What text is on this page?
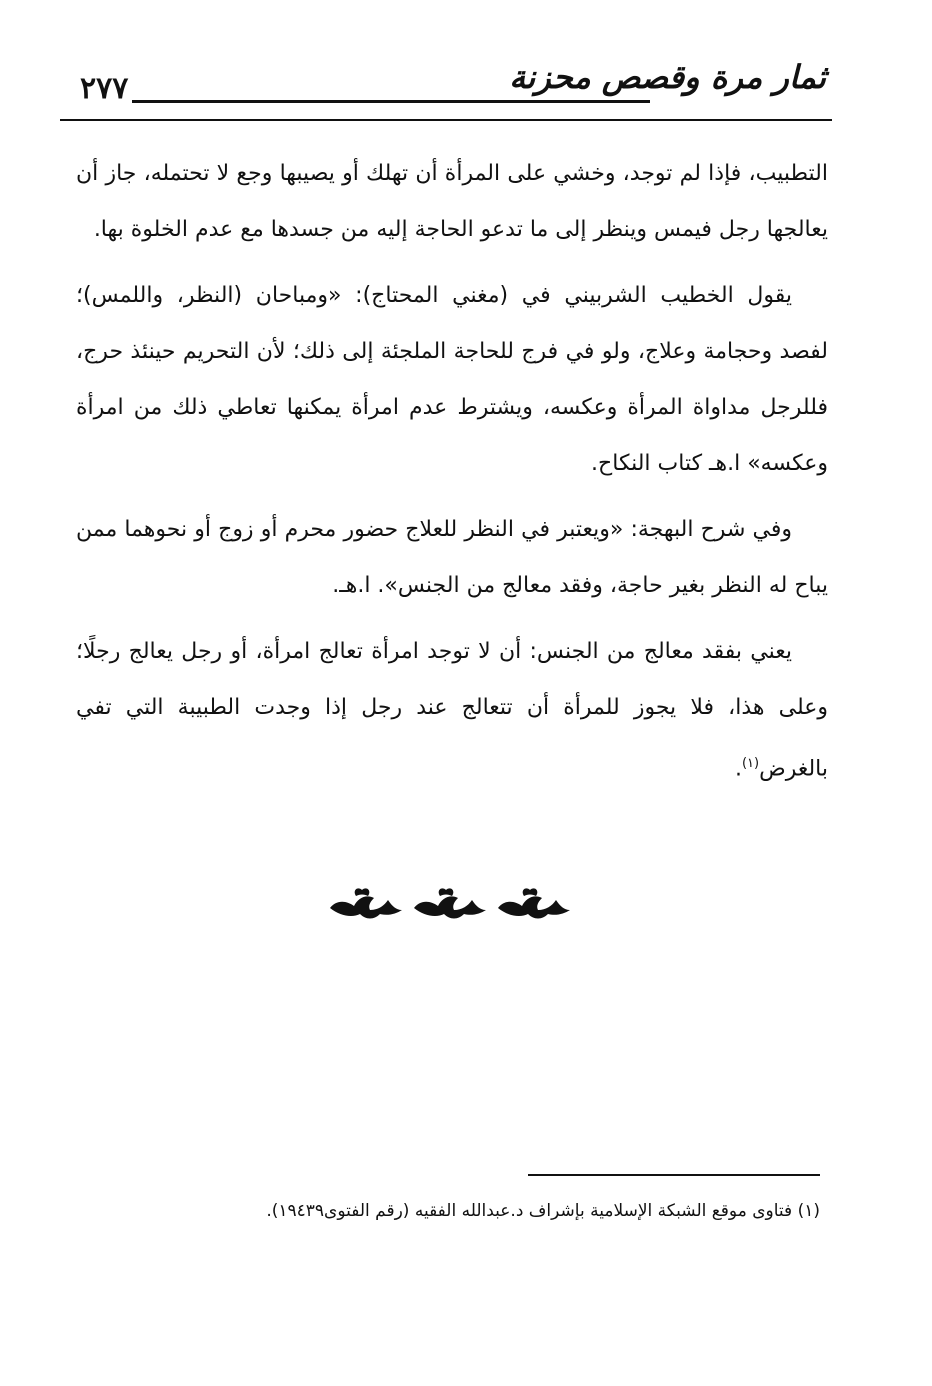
٢٧٧	ثمار مرة وقصص محزنة

التطبيب، فإذا لم توجد، وخشي على المرأة أن تهلك أو يصيبها وجع لا تحتمله، جاز أن يعالجها رجل فيمس وينظر إلى ما تدعو الحاجة إليه من جسدها مع عدم الخلوة بها.

يقول الخطيب الشربيني في (مغني المحتاج): «ومباحان (النظر، واللمس)؛ لفصد وحجامة وعلاج، ولو في فرج للحاجة الملجئة إلى ذلك؛ لأن التحريم حينئذ حرج، فللرجل مداواة المرأة وعكسه، ويشترط عدم امرأة يمكنها تعاطي ذلك من امرأة وعكسه» ا.هـ كتاب النكاح.

وفي شرح البهجة: «ويعتبر في النظر للعلاج حضور محرم أو زوج أو نحوهما ممن يباح له النظر بغير حاجة، وفقد معالج من الجنس». ا.هـ.

يعني بفقد معالج من الجنس: أن لا توجد امرأة تعالج امرأة، أو رجل يعالج رجلًا؛ وعلى هذا، فلا يجوز للمرأة أن تتعالج عند رجل إذا وجدت الطبيبة التي تفي بالغرض$^{(١)}$.

(١) فتاوى موقع الشبكة الإسلامية بإشراف د.عبدالله الفقيه (رقم الفتوى١٩٤٣٩).
